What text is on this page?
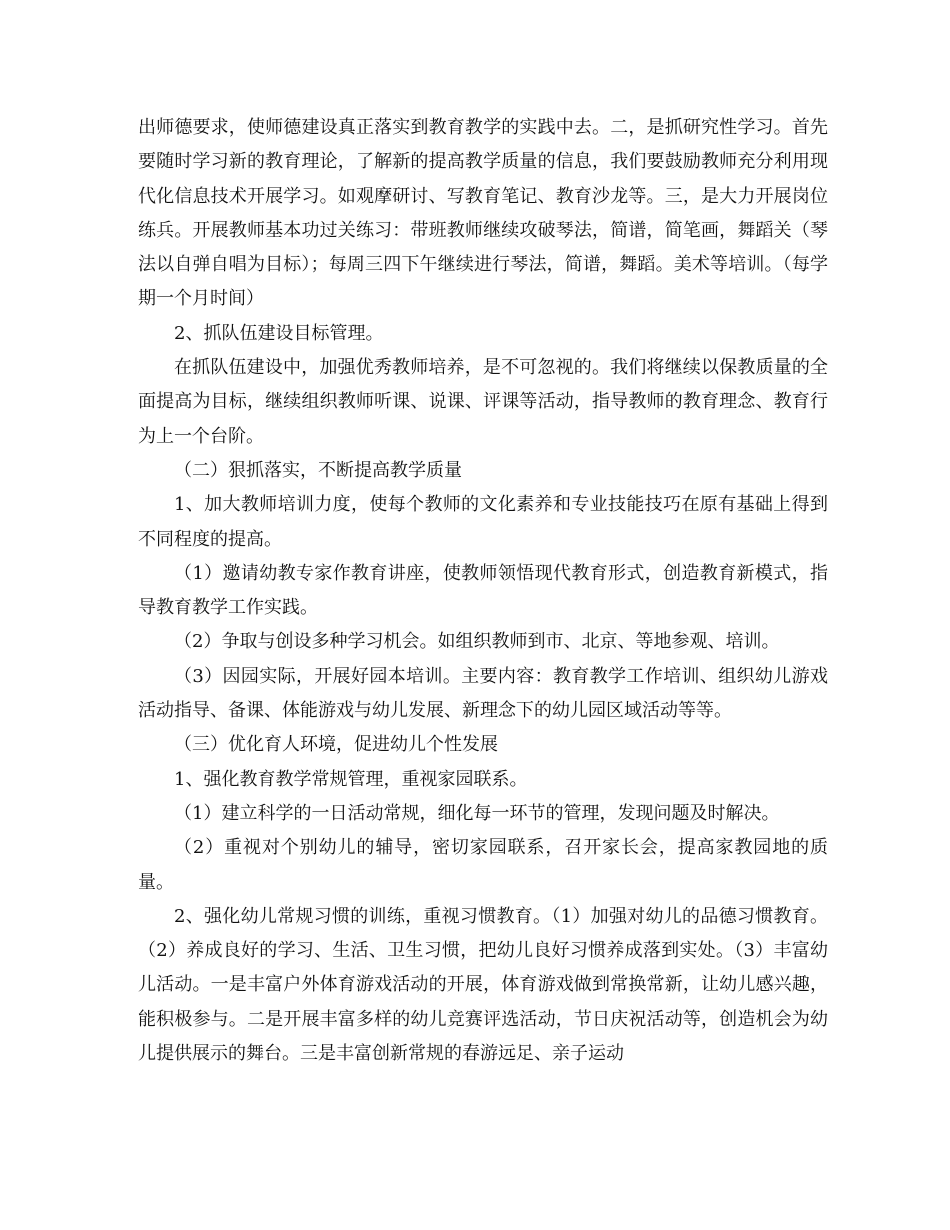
出师德要求，使师德建设真正落实到教育教学的实践中去。二，是抓研究性学习。首先要随时学习新的教育理论，了解新的提高教学质量的信息，我们要鼓励教师充分利用现代化信息技术开展学习。如观摩研讨、写教育笔记、教育沙龙等。三，是大力开展岗位练兵。开展教师基本功过关练习：带班教师继续攻破琴法，简谱，简笔画，舞蹈关（琴法以自弹自唱为目标）；每周三四下午继续进行琴法，简谱，舞蹈。美术等培训。（每学期一个月时间）

2、抓队伍建设目标管理。

在抓队伍建设中，加强优秀教师培养，是不可忽视的。我们将继续以保教质量的全面提高为目标，继续组织教师听课、说课、评课等活动，指导教师的教育理念、教育行为上一个台阶。

（二）狠抓落实，不断提高教学质量

1、加大教师培训力度，使每个教师的文化素养和专业技能技巧在原有基础上得到不同程度的提高。

（1）邀请幼教专家作教育讲座，使教师领悟现代教育形式，创造教育新模式，指导教育教学工作实践。

（2）争取与创设多种学习机会。如组织教师到市、北京、等地参观、培训。

（3）因园实际，开展好园本培训。主要内容：教育教学工作培训、组织幼儿游戏活动指导、备课、体能游戏与幼儿发展、新理念下的幼儿园区域活动等等。

（三）优化育人环境，促进幼儿个性发展

1、强化教育教学常规管理，重视家园联系。

（1）建立科学的一日活动常规，细化每一环节的管理，发现问题及时解决。

（2）重视对个别幼儿的辅导，密切家园联系，召开家长会，提高家教园地的质量。

2、强化幼儿常规习惯的训练，重视习惯教育。（1）加强对幼儿的品德习惯教育。（2）养成良好的学习、生活、卫生习惯，把幼儿良好习惯养成落到实处。（3）丰富幼儿活动。一是丰富户外体育游戏活动的开展，体育游戏做到常换常新，让幼儿感兴趣，能积极参与。二是开展丰富多样的幼儿竞赛评选活动，节日庆祝活动等，创造机会为幼儿提供展示的舞台。三是丰富创新常规的春游远足、亲子运动
